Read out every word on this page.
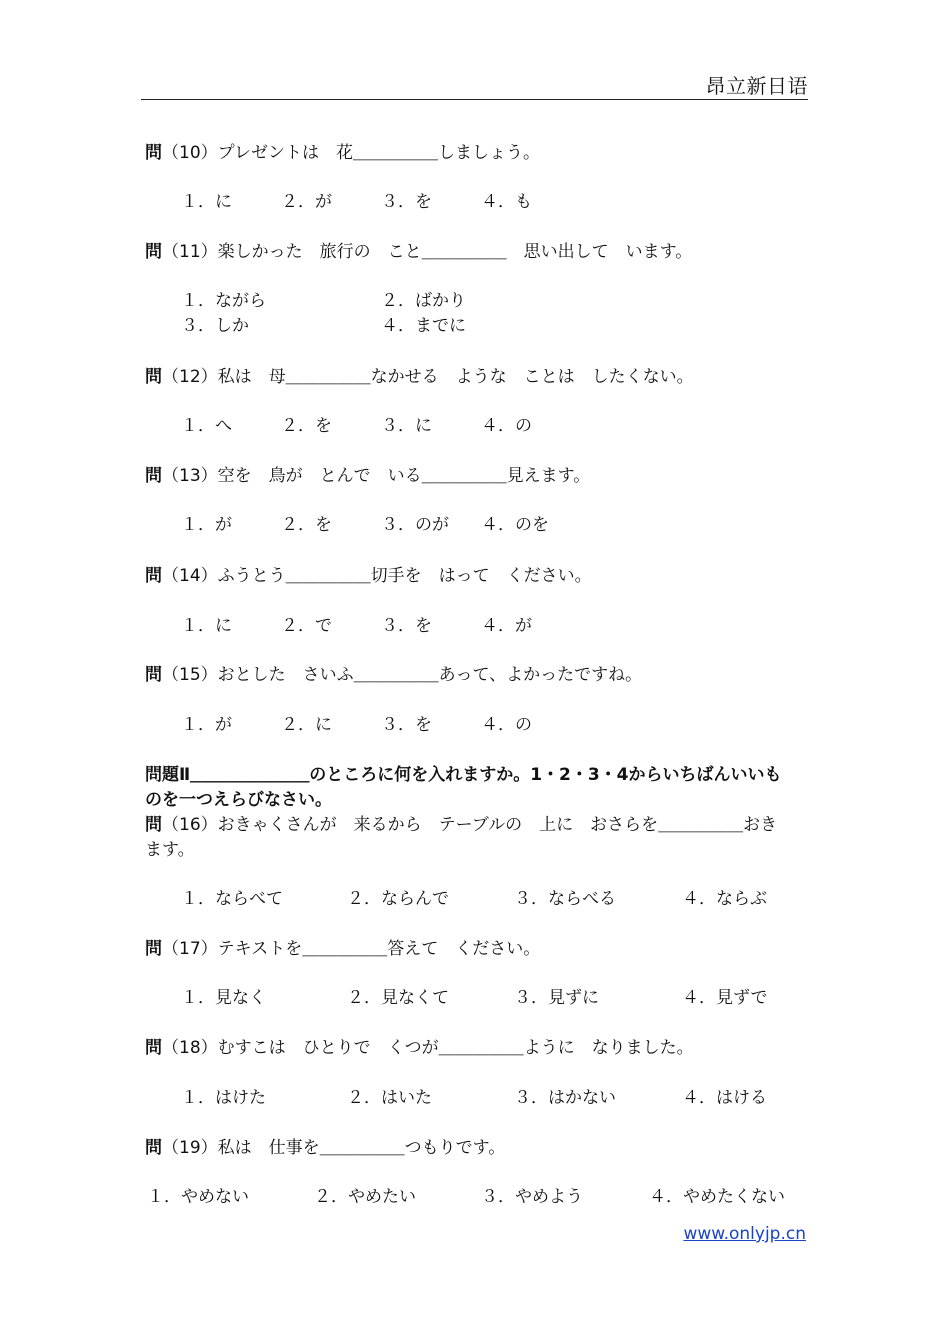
昂立新日语
問（10）プレゼントは　花＿＿＿＿＿しましょう。
１．に	２．が	３．を	４．も
問（11）楽しかった　旅行の　こと＿＿＿＿＿　思い出して　います。
１．ながら	２．ばかり
３．しか	４．までに
問（12）私は　母＿＿＿＿＿なかせる　ような　ことは　したくない。
１．へ	２．を	３．に	４．の
問（13）空を　鳥が　とんで　いる＿＿＿＿＿見えます。
１．が	２．を	３．のが ４．のを
問（14）ふうとう＿＿＿＿＿切手を　はって　ください。
１．に	２．で	３．を	４．が
問（15）おとした　さいふ＿＿＿＿＿あって、よかったですね。
１．が	２．に	３．を	４．の
問題Ⅱ＿＿＿＿＿＿＿のところに何を入れますか。1・2・3・4からいちばんいいも
のを一つえらびなさい。
問（16）おきゃくさんが　来るから　テーブルの　上に　おさらを＿＿＿＿＿おき
ます。
１．ならべて	２．ならんで	３．ならべる	４．ならぶ
問（17）テキストを＿＿＿＿＿答えて　ください。
１．見なく	２．見なくて	３．見ずに	４．見ずで
問（18）むすこは　ひとりで　くつが＿＿＿＿＿ように　なりました。
１．はけた	２．はいた	３．はかない	４．はける
問（19）私は　仕事を＿＿＿＿＿つもりです。
１．やめない	２．やめたい	３．やめよう	４．やめたくない
www.onlyjp.cn
